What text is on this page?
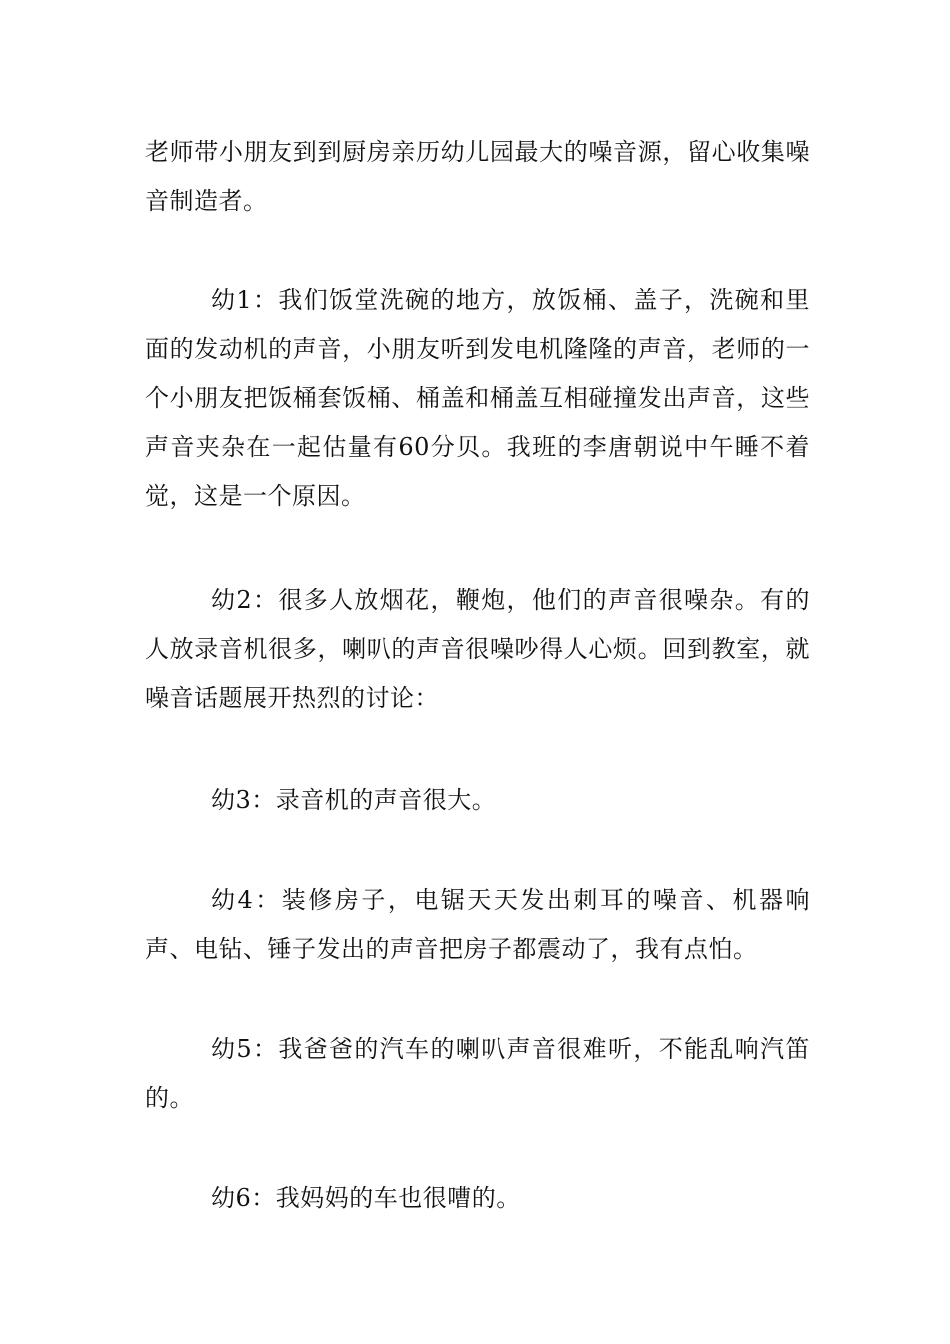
老师带小朋友到到厨房亲历幼儿园最大的噪音源，留心收集噪音制造者。

幼1：我们饭堂洗碗的地方，放饭桶、盖子，洗碗和里面的发动机的声音，小朋友听到发电机隆隆的声音，老师的一个小朋友把饭桶套饭桶、桶盖和桶盖互相碰撞发出声音，这些声音夹杂在一起估量有60分贝。我班的李唐朝说中午睡不着觉，这是一个原因。

幼2：很多人放烟花，鞭炮，他们的声音很噪杂。有的人放录音机很多，喇叭的声音很噪吵得人心烦。回到教室，就噪音话题展开热烈的讨论：

幼3：录音机的声音很大。

幼4：装修房子，电锯天天发出刺耳的噪音、机器响声、电钻、锤子发出的声音把房子都震动了，我有点怕。

幼5：我爸爸的汽车的喇叭声音很难听，不能乱响汽笛的。

幼6：我妈妈的车也很嘈的。
